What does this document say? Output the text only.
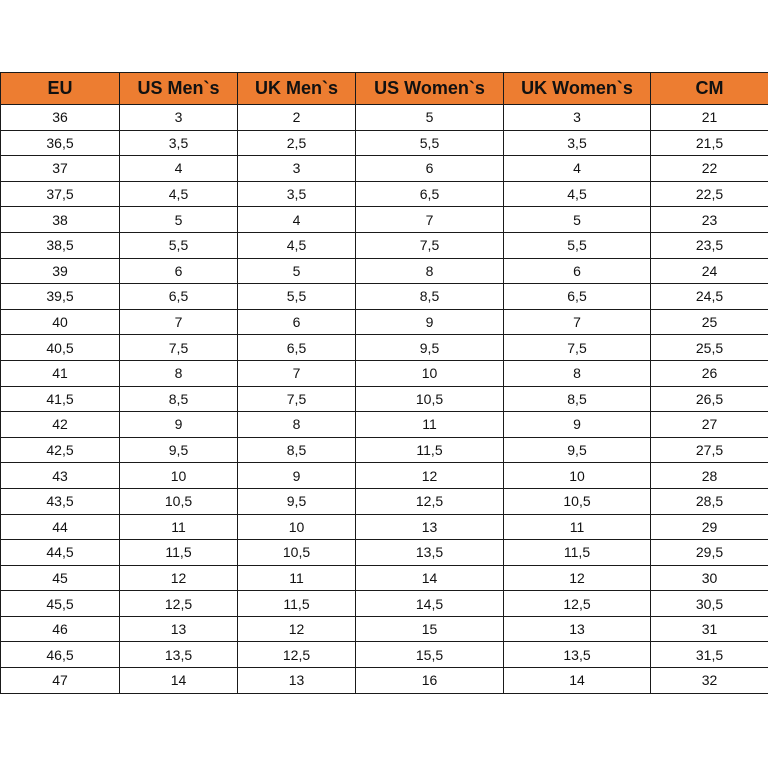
EU	US Men`s	UK Men`s	US Women`s	UK Women`s	CM
36	3	2	5	3	21
36,5	3,5	2,5	5,5	3,5	21,5
37	4	3	6	4	22
37,5	4,5	3,5	6,5	4,5	22,5
38	5	4	7	5	23
38,5	5,5	4,5	7,5	5,5	23,5
39	6	5	8	6	24
39,5	6,5	5,5	8,5	6,5	24,5
40	7	6	9	7	25
40,5	7,5	6,5	9,5	7,5	25,5
41	8	7	10	8	26
41,5	8,5	7,5	10,5	8,5	26,5
42	9	8	11	9	27
42,5	9,5	8,5	11,5	9,5	27,5
43	10	9	12	10	28
43,5	10,5	9,5	12,5	10,5	28,5
44	11	10	13	11	29
44,5	11,5	10,5	13,5	11,5	29,5
45	12	11	14	12	30
45,5	12,5	11,5	14,5	12,5	30,5
46	13	12	15	13	31
46,5	13,5	12,5	15,5	13,5	31,5
47	14	13	16	14	32
